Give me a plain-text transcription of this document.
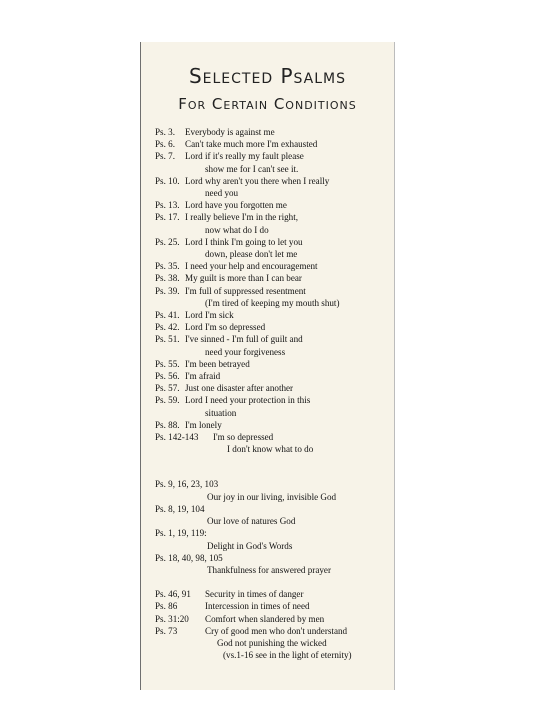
Selected Psalms
For Certain Conditions
Ps. 3. Everybody is against me
Ps. 6. Can't take much more I'm exhausted
Ps. 7. Lord if it's really my fault please
show me for I can't see it.
Ps. 10. Lord why aren't you there when I really
need you
Ps. 13. Lord have you forgotten me
Ps. 17. I really believe I'm in the right,
now what do I do
Ps. 25. Lord I think I'm going to let you
down, please don't let me
Ps. 35. I need your help and encouragement
Ps. 38. My guilt is more than I can bear
Ps. 39. I'm full of suppressed resentment
(I'm tired of keeping my mouth shut)
Ps. 41. Lord I'm sick
Ps. 42. Lord I'm so depressed
Ps. 51. I've sinned - I'm full of guilt and
need your forgiveness
Ps. 55. I'm been betrayed
Ps. 56. I'm afraid
Ps. 57. Just one disaster after another
Ps. 59. Lord I need your protection in this
situation
Ps. 88. I'm lonely
Ps. 142-143 I'm so depressed
I don't know what to do
Ps. 9, 16, 23, 103
Our joy in our living, invisible God
Ps. 8, 19, 104
Our love of natures God
Ps. 1, 19, 119:
Delight in God's Words
Ps. 18, 40, 98, 105
Thankfulness for answered prayer
Ps. 46, 91 Security in times of danger
Ps. 86	Intercession in times of need
Ps. 31:20 Comfort when slandered by men
Ps. 73	Cry of good men who don't understand
God not punishing the wicked
(vs.1-16 see in the light of eternity)
